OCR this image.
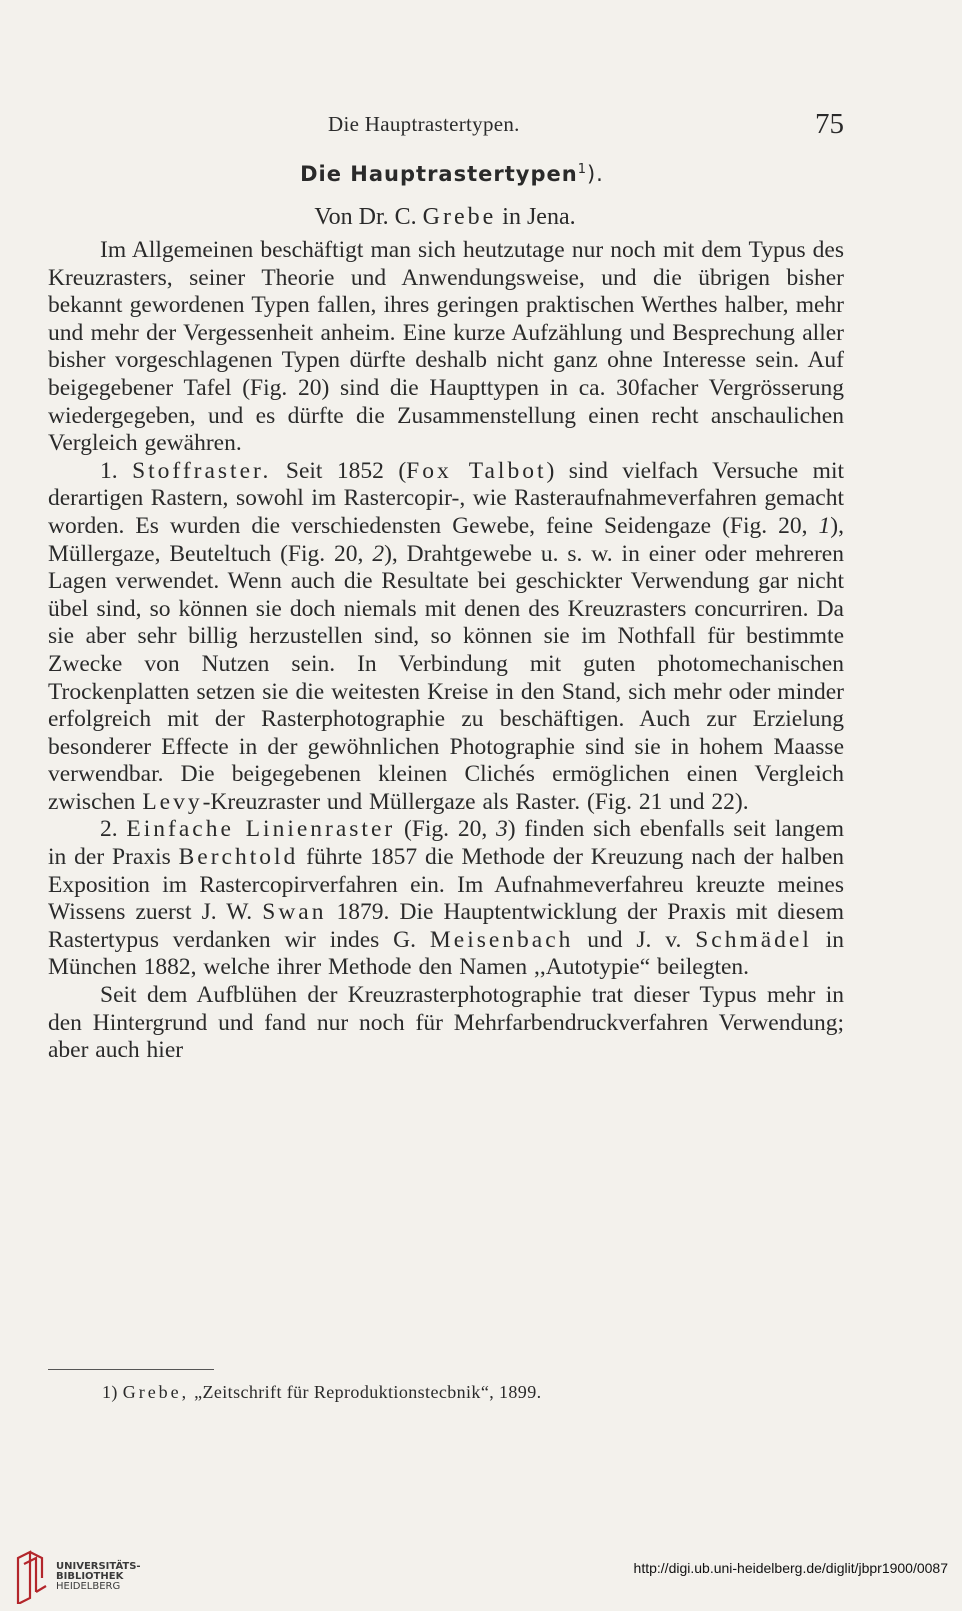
Die Hauptrastertypen.	75
Die Hauptrastertypen$^1$).
Von Dr. C. Grebe in Jena.

Im Allgemeinen beschäftigt man sich heutzutage nur noch mit dem Typus des Kreuzrasters, seiner Theorie und Anwendungsweise, und die übrigen bisher bekannt gewordenen Typen fallen, ihres geringen praktischen Werthes halber, mehr und mehr der Vergessenheit anheim. Eine kurze Aufzählung und Besprechung aller bisher vorgeschlagenen Typen dürfte deshalb nicht ganz ohne Interesse sein. Auf beigegebener Tafel (Fig. 20) sind die Haupttypen in ca. 30facher Vergrösserung wiedergegeben, und es dürfte die Zusammenstellung einen recht anschaulichen Vergleich gewähren.

1. Stoffraster. Seit 1852 (Fox Talbot) sind vielfach Versuche mit derartigen Rastern, sowohl im Rastercopir-, wie Rasteraufnahmeverfahren gemacht worden. Es wurden die verschiedensten Gewebe, feine Seidengaze (Fig. 20, 1), Müllergaze, Beuteltuch (Fig. 20, 2), Drahtgewebe u. s. w. in einer oder mehreren Lagen verwendet. Wenn auch die Resultate bei geschickter Verwendung gar nicht übel sind, so können sie doch niemals mit denen des Kreuzrasters concurriren. Da sie aber sehr billig herzustellen sind, so können sie im Nothfall für bestimmte Zwecke von Nutzen sein. In Verbindung mit guten photomechanischen Trockenplatten setzen sie die weitesten Kreise in den Stand, sich mehr oder minder erfolgreich mit der Rasterphotographie zu beschäftigen. Auch zur Erzielung besonderer Effecte in der gewöhnlichen Photographie sind sie in hohem Maasse verwendbar. Die beigegebenen kleinen Clichés ermöglichen einen Vergleich zwischen Levy-Kreuzraster und Müllergaze als Raster. (Fig. 21 und 22).

2. Einfache Linienraster (Fig. 20, 3) finden sich ebenfalls seit langem in der Praxis Berchtold führte 1857 die Methode der Kreuzung nach der halben Exposition im Rastercopirverfahren ein. Im Aufnahmeverfahreu kreuzte meines Wissens zuerst J. W. Swan 1879. Die Hauptentwicklung der Praxis mit diesem Rastertypus verdanken wir indes G. Meisenbach und J. v. Schmädel in München 1882, welche ihrer Methode den Namen ,,Autotypie“ beilegten.

Seit dem Aufblühen der Kreuzrasterphotographie trat dieser Typus mehr in den Hintergrund und fand nur noch für Mehrfarbendruckverfahren Verwendung; aber auch hier

1) Grebe, „Zeitschrift für Reproduktionstecbnik“, 1899.
UNIVERSITÄTS-
BIBLIOTHEK
HEIDELBERG
http://digi.ub.uni-heidelberg.de/diglit/jbpr1900/0087
